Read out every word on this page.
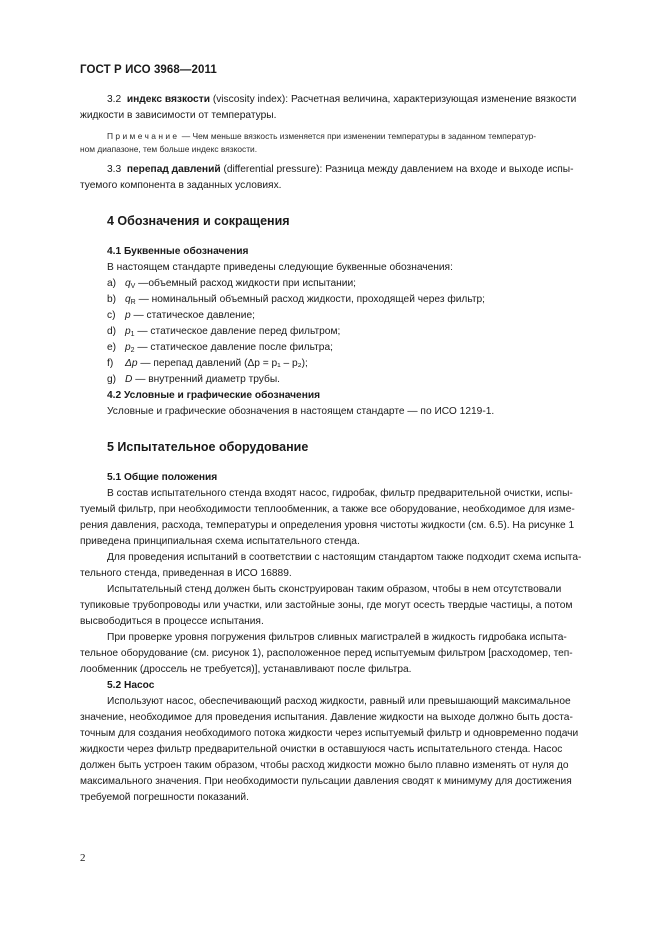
ГОСТ Р ИСО 3968—2011

3.2 индекс вязкости (viscosity index): Расчетная величина, характеризующая изменение вязкости

жидкости в зависимости от температуры.

Примечание — Чем меньше вязкость изменяется при изменении температуры в заданном температур-

ном диапазоне, тем больше индекс вязкости.

3.3 перепад давлений (differential pressure): Разница между давлением на входе и выходе испы-

туемого компонента в заданных условиях.

4 Обозначения и сокращения

4.1 Буквенные обозначения

В настоящем стандарте приведены следующие буквенные обозначения:

a) $q_V$ —объемный расход жидкости при испытании;

b) $q_R$ — номинальный объемный расход жидкости, проходящей через фильтр;

c) p — статическое давление;

d) $p_1$ — статическое давление перед фильтром;

e) $p_2$ — статическое давление после фильтра;

f) Δp — перепад давлений (Δp = p₁ – p₂);

g) D — внутренний диаметр трубы.

4.2 Условные и графические обозначения

Условные и графические обозначения в настоящем стандарте — по ИСО 1219-1.

5 Испытательное оборудование

5.1 Общие положения

В состав испытательного стенда входят насос, гидробак, фильтр предварительной очистки, испы-

туемый фильтр, при необходимости теплообменник, а также все оборудование, необходимое для изме-

рения давления, расхода, температуры и определения уровня чистоты жидкости (см. 6.5). На рисунке 1

приведена принципиальная схема испытательного стенда.

Для проведения испытаний в соответствии с настоящим стандартом также подходит схема испыта-

тельного стенда, приведенная в ИСО 16889.

Испытательный стенд должен быть сконструирован таким образом, чтобы в нем отсутствовали

тупиковые трубопроводы или участки, или застойные зоны, где могут осесть твердые частицы, а потом

высвободиться в процессе испытания.

При проверке уровня погружения фильтров сливных магистралей в жидкость гидробака испыта-

тельное оборудование (см. рисунок 1), расположенное перед испытуемым фильтром [расходомер, теп-

лообменник (дроссель не требуется)], устанавливают после фильтра.

5.2 Насос

Используют насос, обеспечивающий расход жидкости, равный или превышающий максимальное

значение, необходимое для проведения испытания. Давление жидкости на выходе должно быть доста-

точным для создания необходимого потока жидкости через испытуемый фильтр и одновременно подачи

жидкости через фильтр предварительной очистки в оставшуюся часть испытательного стенда. Насос

должен быть устроен таким образом, чтобы расход жидкости можно было плавно изменять от нуля до

максимального значения. При необходимости пульсации давления сводят к минимуму для достижения

требуемой погрешности показаний.

2
